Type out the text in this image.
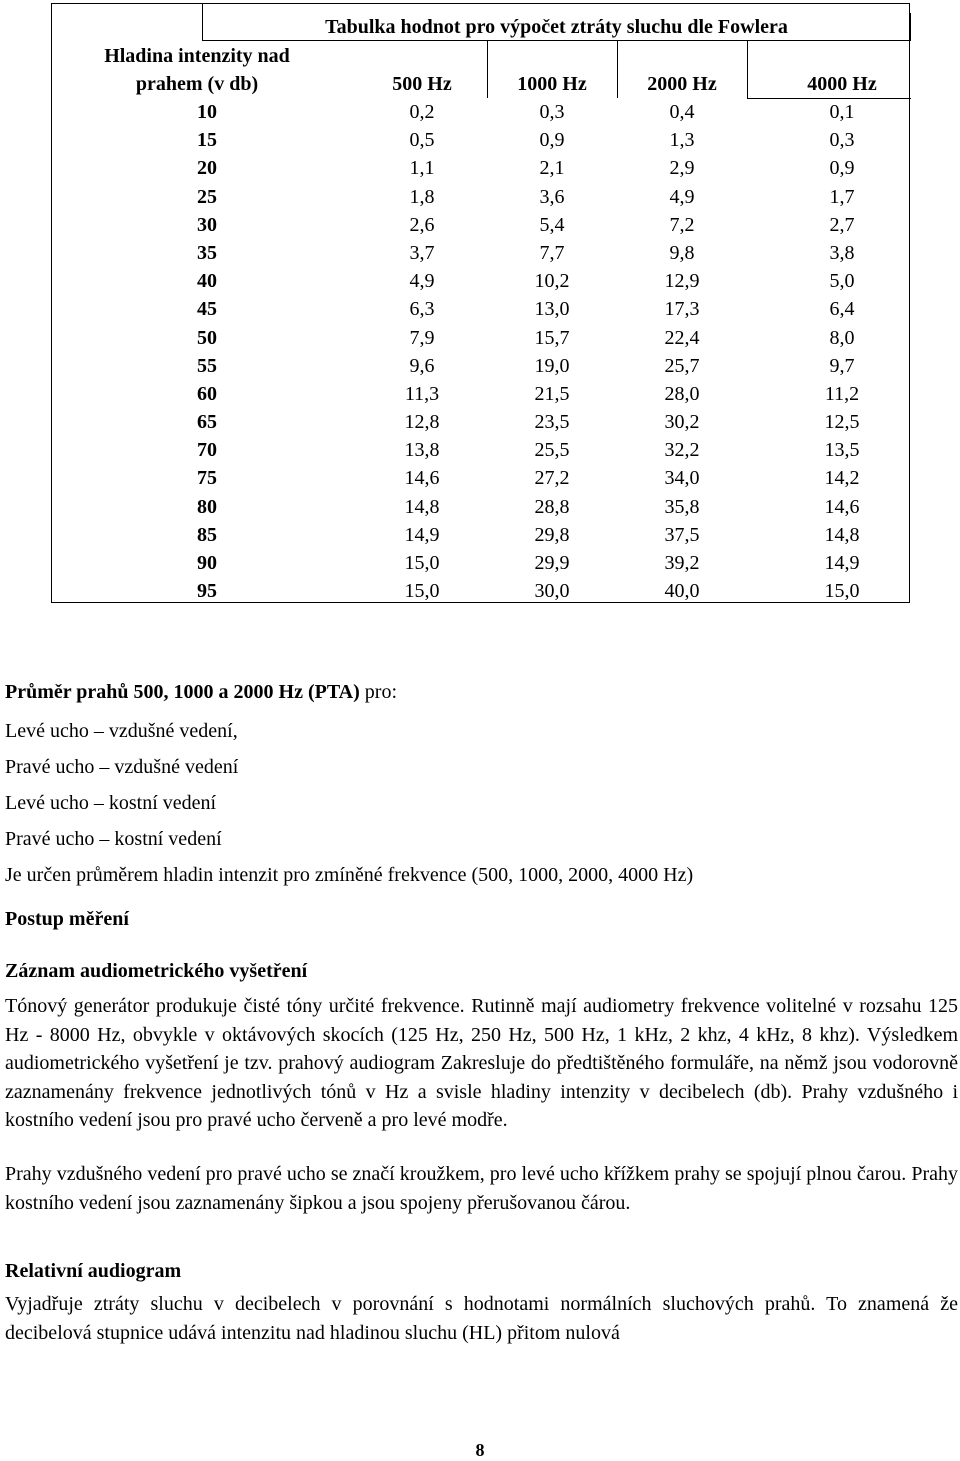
Tabulka hodnot pro výpočet ztráty sluchu dle Fowlera
Hladina intenzity nad
prahem (v db)	500 Hz	1000 Hz	2000 Hz	4000 Hz
10	0,2	0,3	0,4	0,1
15	0,5	0,9	1,3	0,3
20	1,1	2,1	2,9	0,9
25	1,8	3,6	4,9	1,7
30	2,6	5,4	7,2	2,7
35	3,7	7,7	9,8	3,8
40	4,9	10,2	12,9	5,0
45	6,3	13,0	17,3	6,4
50	7,9	15,7	22,4	8,0
55	9,6	19,0	25,7	9,7
60	11,3	21,5	28,0	11,2
65	12,8	23,5	30,2	12,5
70	13,8	25,5	32,2	13,5
75	14,6	27,2	34,0	14,2
80	14,8	28,8	35,8	14,6
85	14,9	29,8	37,5	14,8
90	15,0	29,9	39,2	14,9
95	15,0	30,0	40,0	15,0
Průměr prahů 500, 1000 a 2000 Hz (PTA) pro:
Levé ucho – vzdušné vedení,
Pravé ucho – vzdušné vedení
Levé ucho – kostní vedení
Pravé ucho – kostní vedení
Je určen průměrem hladin intenzit pro zmíněné frekvence (500, 1000, 2000, 4000 Hz)
Postup měření
Záznam audiometrického vyšetření
Tónový generátor produkuje čisté tóny určité frekvence. Rutinně mají audiometry frekvence volitelné v rozsahu 125 Hz - 8000 Hz, obvykle v oktávových skocích (125 Hz, 250 Hz, 500 Hz, 1 kHz, 2 khz, 4 kHz, 8 khz). Výsledkem audiometrického vyšetření je tzv. prahový audiogram Zakresluje do předtištěného formuláře, na němž jsou vodorovně zaznamenány frekvence jednotlivých tónů v Hz a svisle hladiny intenzity v decibelech (db). Prahy vzdušného i kostního vedení jsou pro pravé ucho červeně a pro levé modře.
Prahy vzdušného vedení pro pravé ucho se značí kroužkem, pro levé ucho křížkem prahy se spojují plnou čarou. Prahy kostního vedení jsou zaznamenány šipkou a jsou spojeny přerušovanou čárou.
Relativní audiogram
Vyjadřuje ztráty sluchu v decibelech v porovnání s hodnotami normálních sluchových prahů. To znamená že decibelová stupnice udává intenzitu nad hladinou sluchu (HL) přitom nulová
8
